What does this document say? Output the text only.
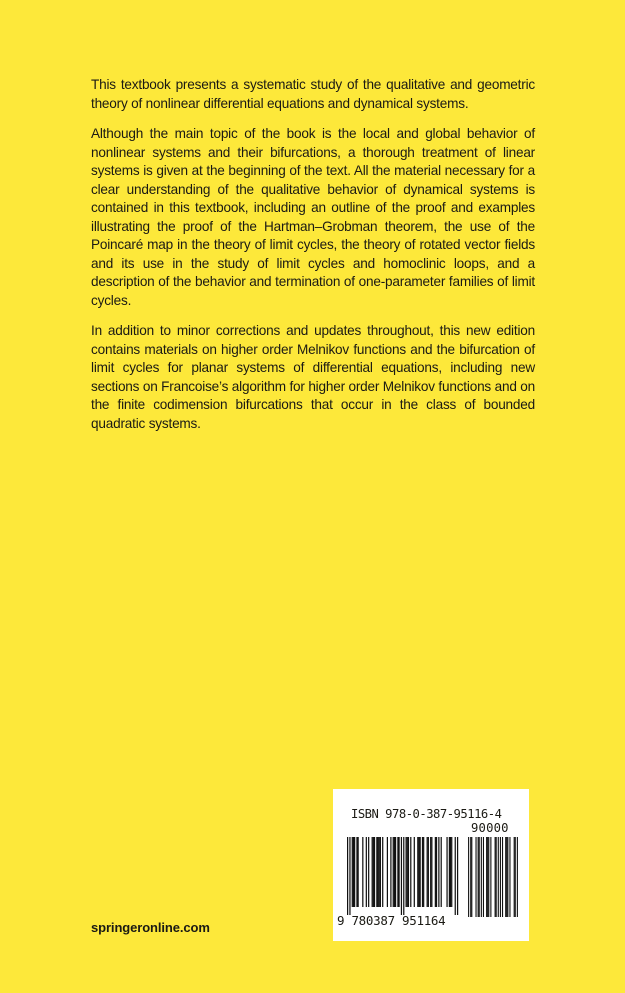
This textbook presents a systematic study of the qualitative and geometric theory of nonlinear differential equations and dynamical systems.

Although the main topic of the book is the local and global behavior of nonlinear systems and their bifurcations, a thorough treatment of linear systems is given at the beginning of the text. All the material necessary for a clear understanding of the qualitative behavior of dynamical systems is contained in this textbook, including an outline of the proof and examples illustrating the proof of the Hartman–Grobman theorem, the use of the Poincaré map in the theory of limit cycles, the theory of rotated vector fields and its use in the study of limit cycles and homoclinic loops, and a description of the behavior and termination of one-parameter families of limit cycles.

In addition to minor corrections and updates throughout, this new edition contains materials on higher order Melnikov functions and the bifurcation of limit cycles for planar systems of differential equations, including new sections on Francoise’s algorithm for higher order Melnikov functions and on the finite codimension bifurcations that occur in the class of bounded quadratic systems.

springeronline.com
ISBN 978-0-387-95116-4
90000
9 780387 951164
